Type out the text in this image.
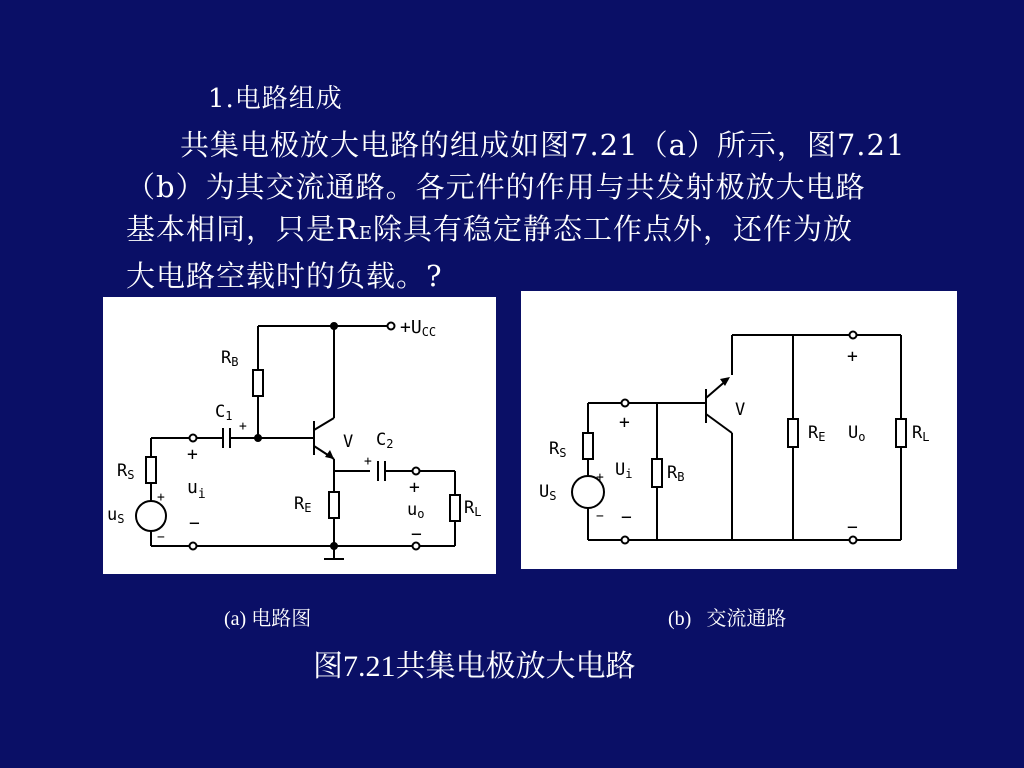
1.电路组成
共集电极放大电路的组成如图7.21（a）所示，图7.21
（b）为其交流通路。各元件的作用与共发射极放大电路
基本相同，只是RE除具有稳定静态工作点外，还作为放
大电路空载时的负载。?
+UCC
RB
C1
+
V C2
+
RS
+
−
uS
+
$u_i$
−
RE
+
uo
−
RL
RS
+
−
US
+
Ui
−
RB
V
RE Uo
+
−
RL
(a) 电路图	(b)   交流通路
图7.21共集电极放大电路
